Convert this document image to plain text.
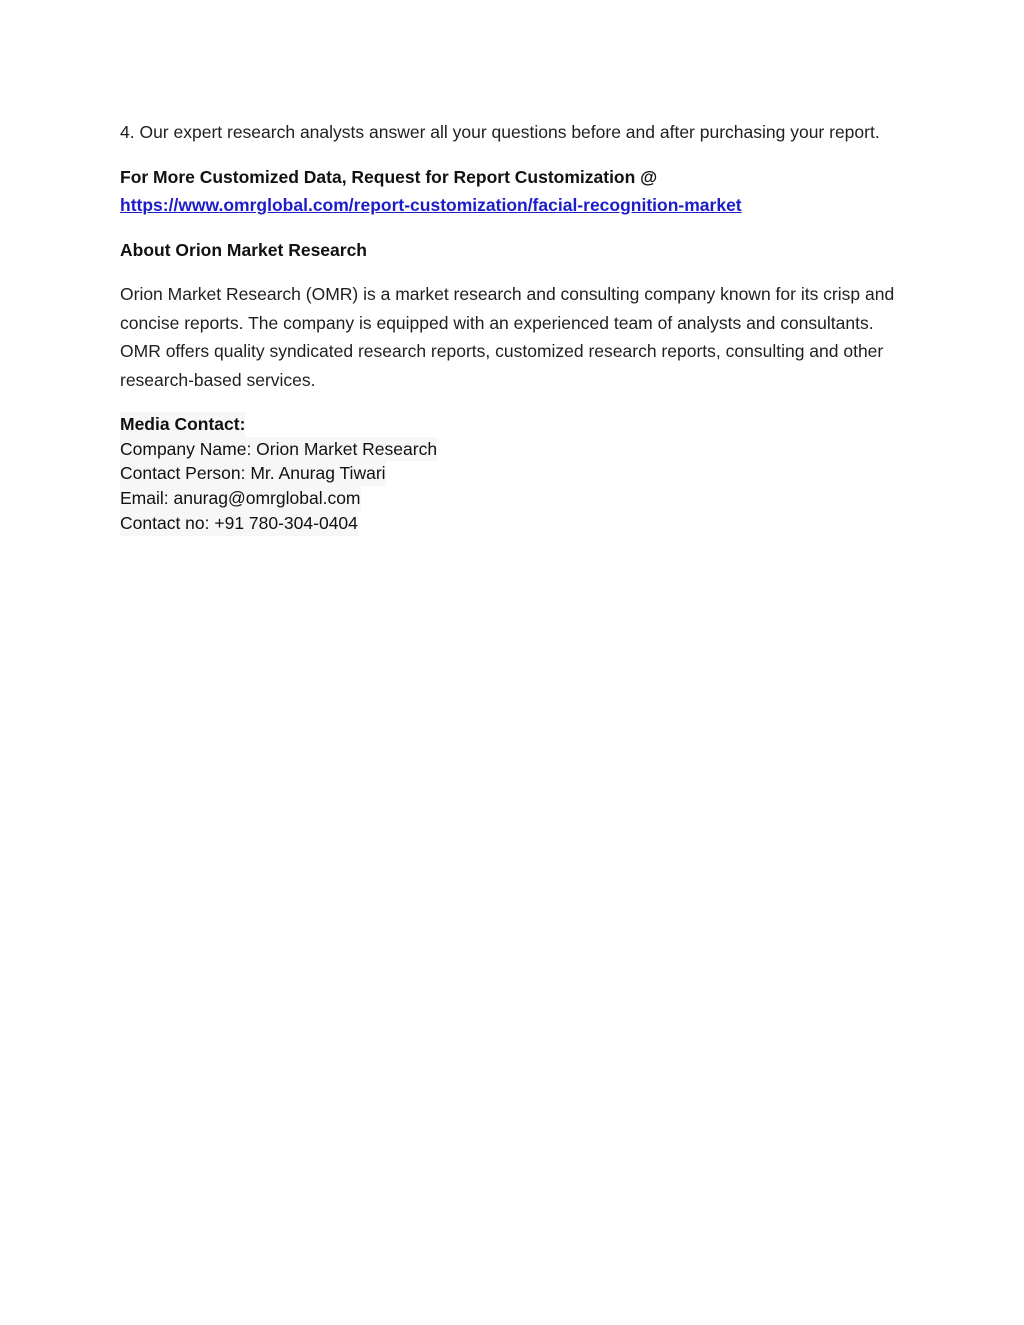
4. Our expert research analysts answer all your questions before and after purchasing your report.

For More Customized Data, Request for Report Customization @

https://www.omrglobal.com/report-customization/facial-recognition-market

About Orion Market Research

Orion Market Research (OMR) is a market research and consulting company known for its crisp and concise reports. The company is equipped with an experienced team of analysts and consultants. OMR offers quality syndicated research reports, customized research reports, consulting and other research-based services.

Media Contact:
Company Name: Orion Market Research
Contact Person: Mr. Anurag Tiwari
Email: anurag@omrglobal.com
Contact no: +91 780-304-0404
